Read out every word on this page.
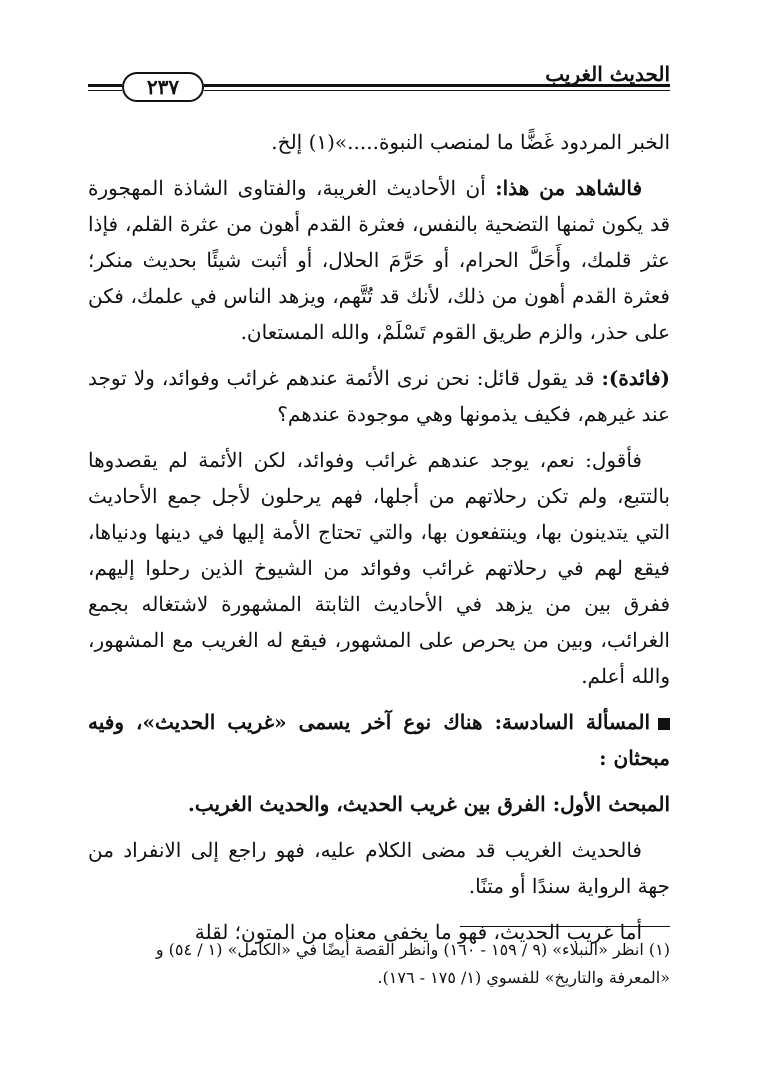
الحديث الغريب
٢٣٧

الخبر المردود غَضًّا ما لمنصب النبوة.....»(١) إلخ.

فالشاهد من هذا: أن الأحاديث الغريبة، والفتاوى الشاذة المهجورة قد يكون ثمنها التضحية بالنفس، فعثرة القدم أهون من عثرة القلم، فإذا عثر قلمك، وأَحَلَّ الحرام، أو حَرَّمَ الحلال، أو أثبت شيئًا بحديث منكر؛ فعثرة القدم أهون من ذلك، لأنك قد تُتَّهم، ويزهد الناس في علمك، فكن على حذر، والزم طريق القوم تَسْلَمْ، والله المستعان.

(فائدة): قد يقول قائل: نحن نرى الأئمة عندهم غرائب وفوائد، ولا توجد عند غيرهم، فكيف يذمونها وهي موجودة عندهم؟

فأقول: نعم، يوجد عندهم غرائب وفوائد، لكن الأئمة لم يقصدوها بالتتبع، ولم تكن رحلاتهم من أجلها، فهم يرحلون لأجل جمع الأحاديث التي يتدينون بها، وينتفعون بها، والتي تحتاج الأمة إليها في دينها ودنياها، فيقع لهم في رحلاتهم غرائب وفوائد من الشيوخ الذين رحلوا إليهم، ففرق بين من يزهد في الأحاديث الثابتة المشهورة لاشتغاله بجمع الغرائب، وبين من يحرص على المشهور، فيقع له الغريب مع المشهور، والله أعلم.

المسألة السادسة: هناك نوع آخر يسمى «غريب الحديث»، وفيه مبحثان :

المبحث الأول: الفرق بين غريب الحديث، والحديث الغريب.

فالحديث الغريب قد مضى الكلام عليه، فهو راجع إلى الانفراد من جهة الرواية سندًا أو متنًا.

أما غريب الحديث، فهو ما يخفى معناه من المتون؛ لقلة

(١) انظر «النبلاء» (٩ / ١٥٩ - ١٦٠) وانظر القصة أيضًا في «الكامل» (١ / ٥٤) و

«المعرفة والتاريخ» للفسوي (١/ ١٧٥ - ١٧٦).
